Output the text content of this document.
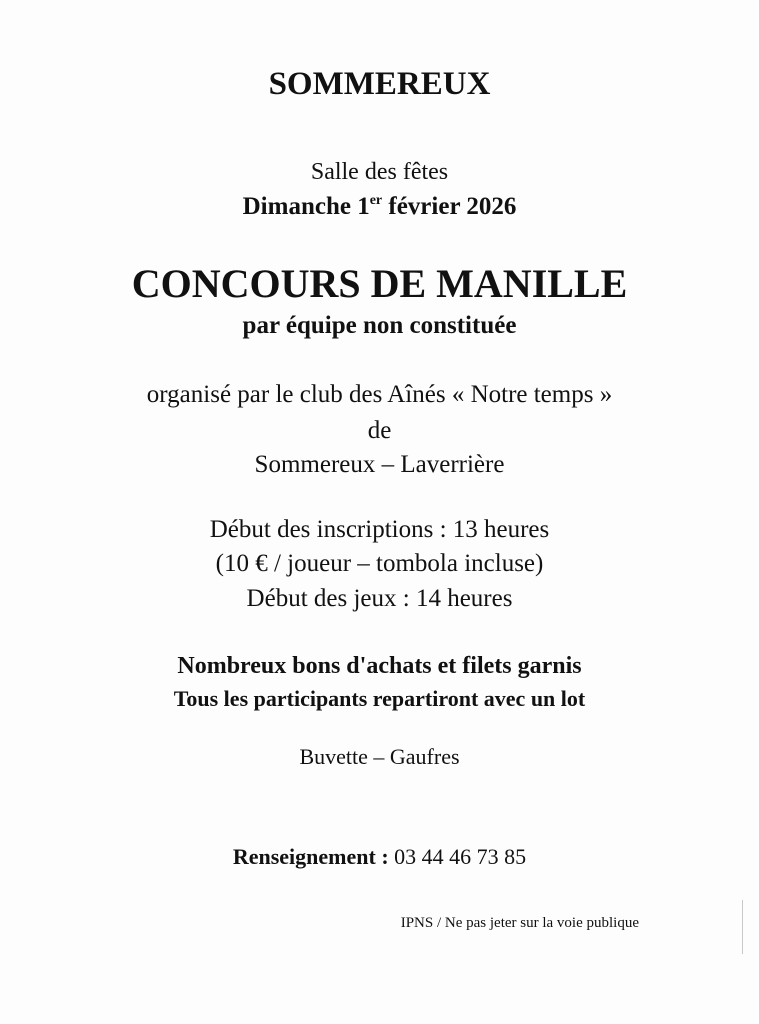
SOMMEREUX
Salle des fêtes
Dimanche 1er février 2026
CONCOURS DE MANILLE
par équipe non constituée
organisé par le club des Aînés « Notre temps »
de
Sommereux – Laverrière
Début des inscriptions : 13 heures
(10 € / joueur – tombola incluse)
Début des jeux : 14 heures
Nombreux bons d'achats et filets garnis
Tous les participants repartiront avec un lot
Buvette – Gaufres
Renseignement : 03 44 46 73 85
IPNS / Ne pas jeter sur la voie publique
